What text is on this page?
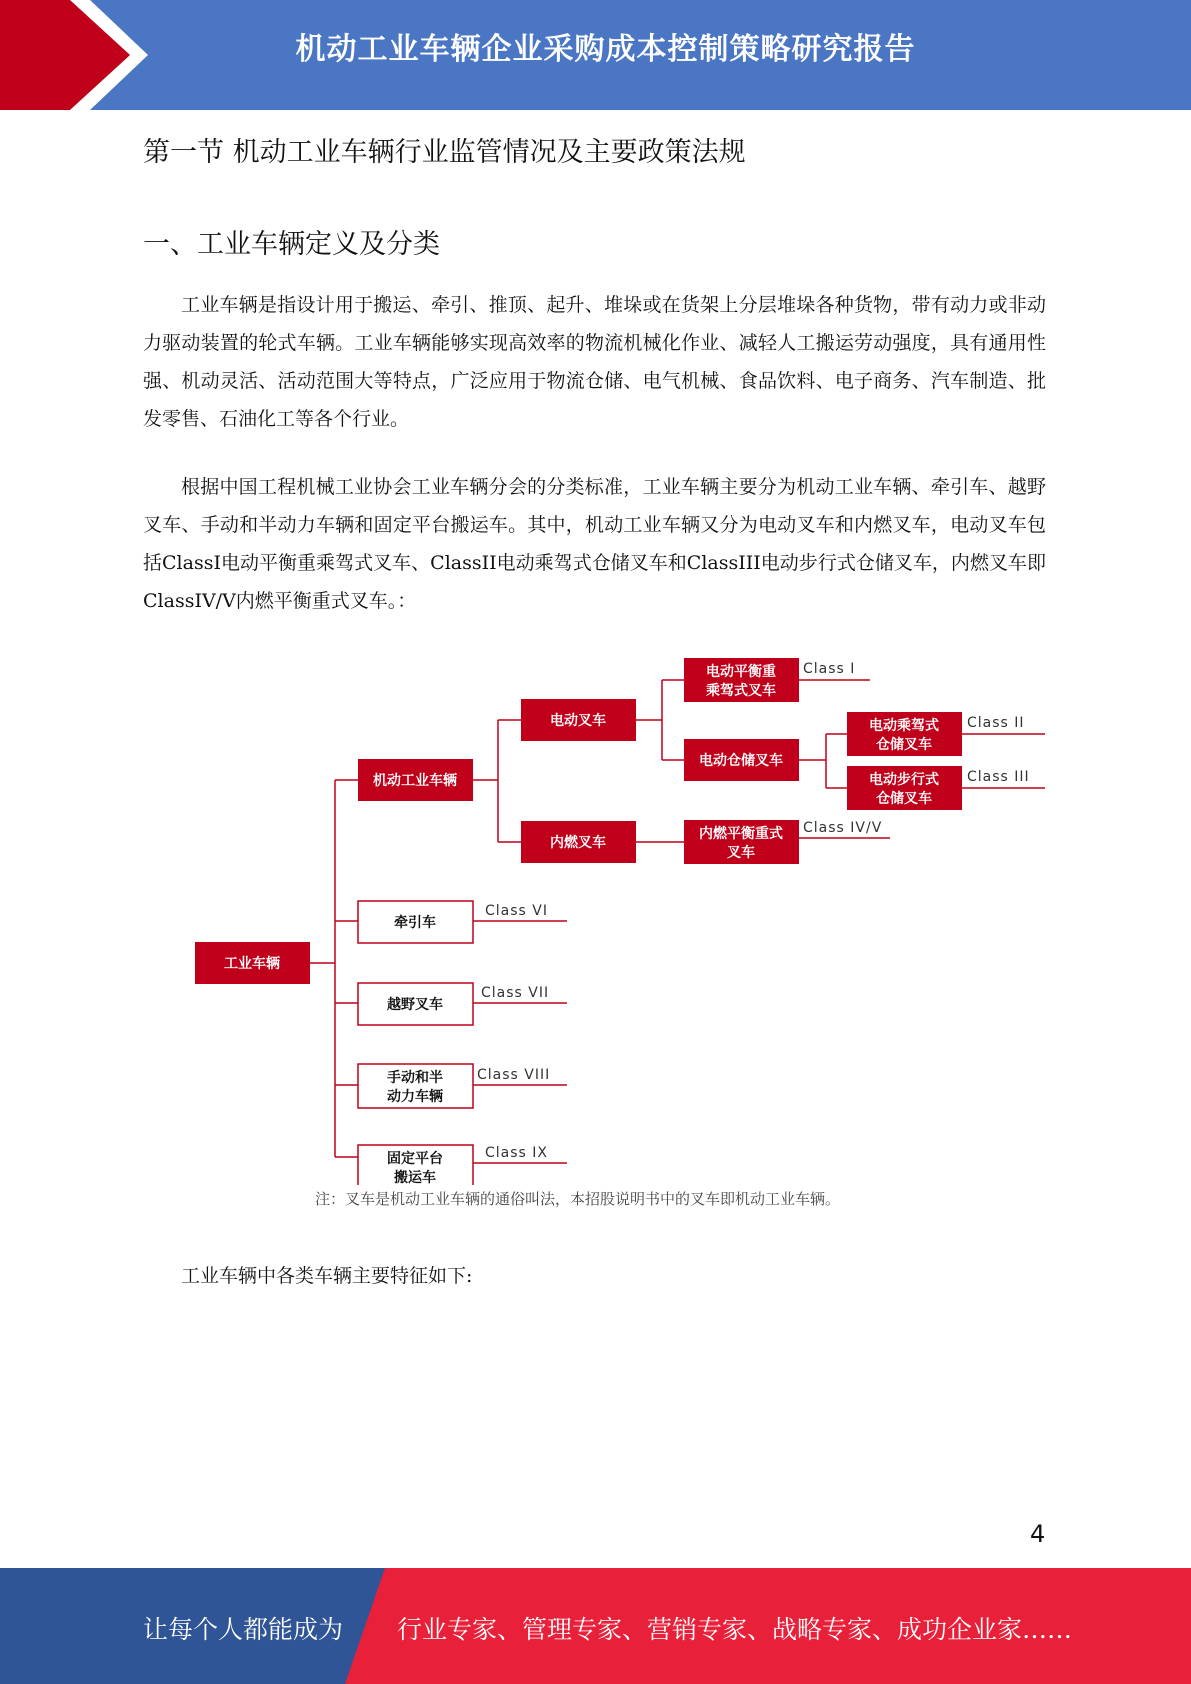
机动工业车辆企业采购成本控制策略研究报告
第一节 机动工业车辆行业监管情况及主要政策法规
一、工业车辆定义及分类
工业车辆是指设计用于搬运、牵引、推顶、起升、堆垛或在货架上分层堆垛各种货物，带有动力或非动力驱动装置的轮式车辆。工业车辆能够实现高效率的物流机械化作业、减轻人工搬运劳动强度，具有通用性强、机动灵活、活动范围大等特点，广泛应用于物流仓储、电气机械、食品饮料、电子商务、汽车制造、批发零售、石油化工等各个行业。
根据中国工程机械工业协会工业车辆分会的分类标准，工业车辆主要分为机动工业车辆、牵引车、越野叉车、手动和半动力车辆和固定平台搬运车。其中，机动工业车辆又分为电动叉车和内燃叉车，电动叉车包括ClassI电动平衡重乘驾式叉车、ClassII电动乘驾式仓储叉车和ClassIII电动步行式仓储叉车，内燃叉车即ClassIV/V内燃平衡重式叉车。：
工业车辆
机动工业车辆
电动叉车
内燃叉车
电动平衡重
乘驾式叉车
电动仓储叉车
电动乘驾式
仓储叉车
电动步行式
仓储叉车
内燃平衡重式
叉车
牵引车
越野叉车
手动和半
动力车辆
固定平台
搬运车
Class I
Class II
Class III
Class IV/V
Class VI
Class VII
Class VIII
Class IX
注：叉车是机动工业车辆的通俗叫法，本招股说明书中的叉车即机动工业车辆。
工业车辆中各类车辆主要特征如下:
4
让每个人都能成为 行业专家、管理专家、营销专家、战略专家、成功企业家……
